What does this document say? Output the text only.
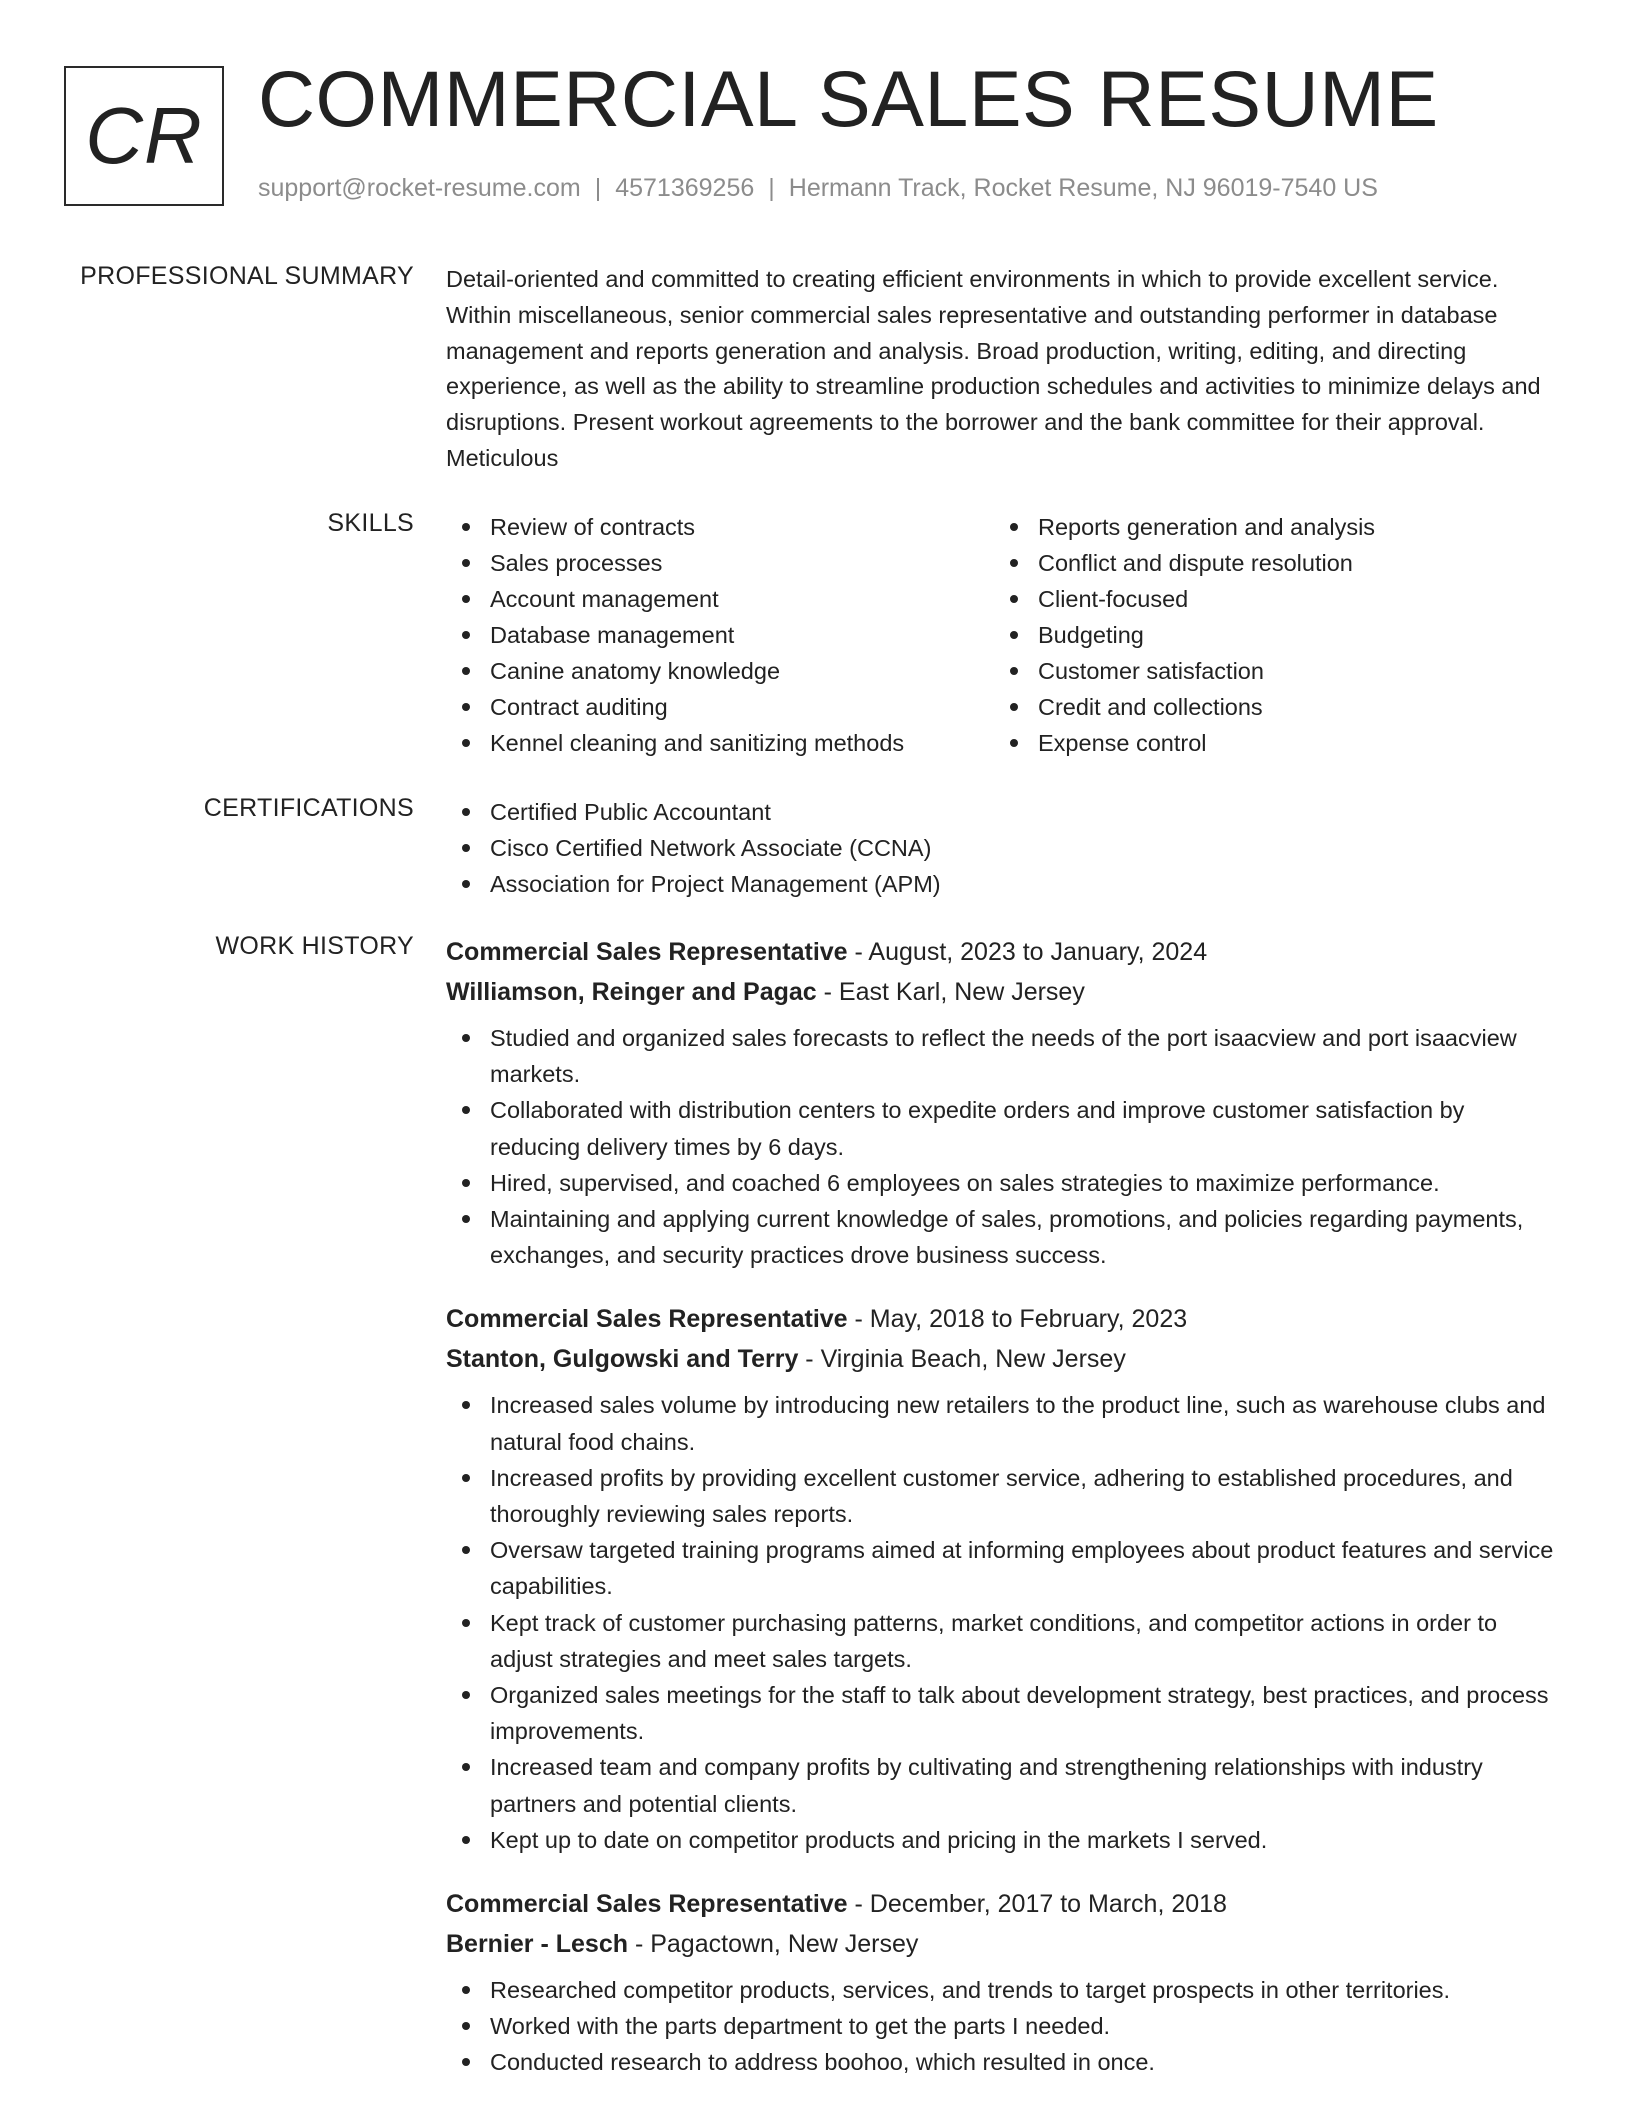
CR COMMERCIAL SALES RESUME
support@rocket-resume.com | 4571369256 | Hermann Track, Rocket Resume, NJ 96019-7540 US
PROFESSIONAL SUMMARY Detail-oriented and committed to creating efficient environments in which to provide excellent service. Within miscellaneous, senior commercial sales representative and outstanding performer in database management and reports generation and analysis. Broad production, writing, editing, and directing experience, as well as the ability to streamline production schedules and activities to minimize delays and disruptions. Present workout agreements to the borrower and the bank committee for their approval. Meticulous

SKILLS	Review of contracts
Sales processes
Account management
Database management
Canine anatomy knowledge
Contract auditing
Kennel cleaning and sanitizing methods
Reports generation and analysis
Conflict and dispute resolution
Client-focused
Budgeting
Customer satisfaction
Credit and collections
Expense control
CERTIFICATIONS	Certified Public Accountant
Cisco Certified Network Associate (CCNA)
Association for Project Management (APM)
WORK HISTORY Commercial Sales Representative - August, 2023 to January, 2024
Williamson, Reinger and Pagac - East Karl, New Jersey
Studied and organized sales forecasts to reflect the needs of the port isaacview and port isaacview markets.
Collaborated with distribution centers to expedite orders and improve customer satisfaction by reducing delivery times by 6 days.
Hired, supervised, and coached 6 employees on sales strategies to maximize performance.
Maintaining and applying current knowledge of sales, promotions, and policies regarding payments, exchanges, and security practices drove business success.
Commercial Sales Representative - May, 2018 to February, 2023
Stanton, Gulgowski and Terry - Virginia Beach, New Jersey
Increased sales volume by introducing new retailers to the product line, such as warehouse clubs and natural food chains.
Increased profits by providing excellent customer service, adhering to established procedures, and thoroughly reviewing sales reports.
Oversaw targeted training programs aimed at informing employees about product features and service capabilities.
Kept track of customer purchasing patterns, market conditions, and competitor actions in order to adjust strategies and meet sales targets.
Organized sales meetings for the staff to talk about development strategy, best practices, and process improvements.
Increased team and company profits by cultivating and strengthening relationships with industry partners and potential clients.
Kept up to date on competitor products and pricing in the markets I served.
Commercial Sales Representative - December, 2017 to March, 2018
Bernier - Lesch - Pagactown, New Jersey
Researched competitor products, services, and trends to target prospects in other territories.
Worked with the parts department to get the parts I needed.
Conducted research to address boohoo, which resulted in once.
